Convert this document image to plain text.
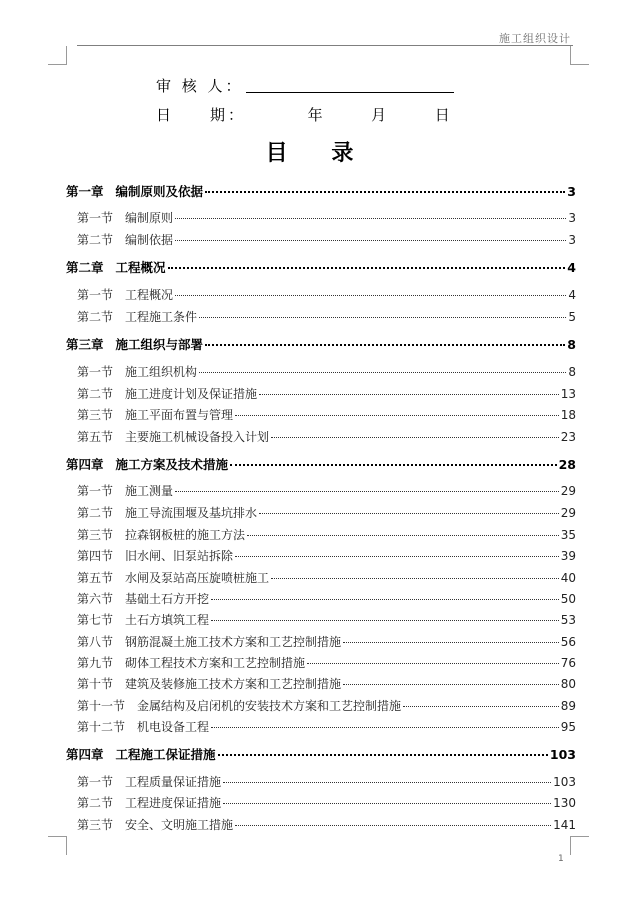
施工组织设计
审 核 人：
日　　期：	年	月	日
目 录
第一章 编制原则及依据	3
第一节 编制原则	3
第二节 编制依据	3
第二章 工程概况	4
第一节 工程概况	4
第二节 工程施工条件	5
第三章 施工组织与部署	8
第一节 施工组织机构	8
第二节 施工进度计划及保证措施	13
第三节 施工平面布置与管理	18
第五节 主要施工机械设备投入计划	23
第四章 施工方案及技术措施	28
第一节 施工测量	29
第二节 施工导流围堰及基坑排水	29
第三节 拉森钢板桩的施工方法	35
第四节 旧水闸、旧泵站拆除	39
第五节 水闸及泵站高压旋喷桩施工	40
第六节 基础土石方开挖	50
第七节 土石方填筑工程	53
第八节 钢筋混凝土施工技术方案和工艺控制措施	56
第九节 砌体工程技术方案和工艺控制措施	76
第十节 建筑及装修施工技术方案和工艺控制措施	80
第十一节 金属结构及启闭机的安装技术方案和工艺控制措施	89
第十二节 机电设备工程	95
第四章 工程施工保证措施	103
第一节 工程质量保证措施	103
第二节 工程进度保证措施	130
第三节 安全、文明施工措施	141
1
